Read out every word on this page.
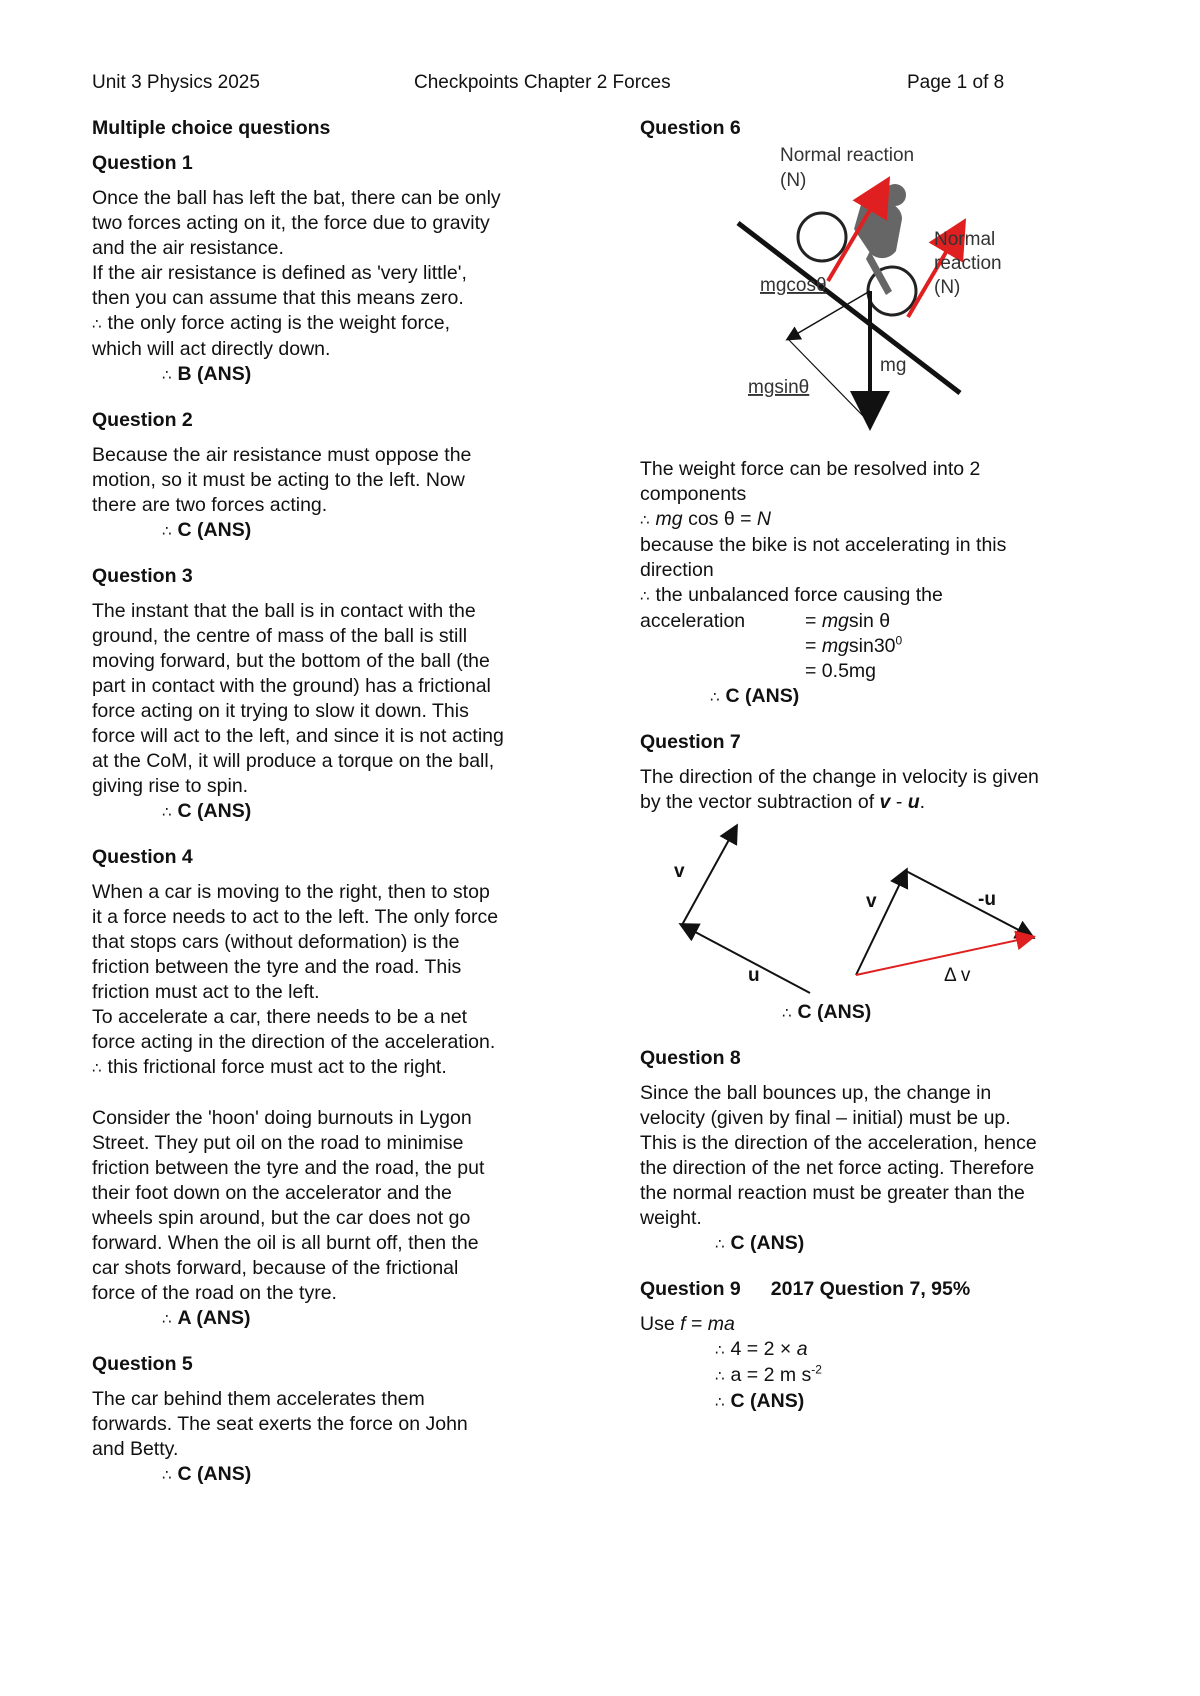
Unit 3 Physics 2025	Checkpoints Chapter 2 Forces	Page 1 of 8

Multiple choice questions

Question 1

Once the ball has left the bat, there can be only

two forces acting on it, the force due to gravity

and the air resistance.

If the air resistance is defined as 'very little',

then you can assume that this means zero.

∴ the only force acting is the weight force,

which will act directly down.

∴ B (ANS)

Question 2

Because the air resistance must oppose the

motion, so it must be acting to the left. Now

there are two forces acting.

∴ C (ANS)

Question 3

The instant that the ball is in contact with the

ground, the centre of mass of the ball is still

moving forward, but the bottom of the ball (the

part in contact with the ground) has a frictional

force acting on it trying to slow it down. This

force will act to the left, and since it is not acting

at the CoM, it will produce a torque on the ball,

giving rise to spin.

∴ C (ANS)

Question 4

When a car is moving to the right, then to stop

it a force needs to act to the left. The only force

that stops cars (without deformation) is the

friction between the tyre and the road. This

friction must act to the left.

To accelerate a car, there needs to be a net

force acting in the direction of the acceleration.

∴ this frictional force must act to the right.

Consider the 'hoon' doing burnouts in Lygon

Street. They put oil on the road to minimise

friction between the tyre and the road, the put

their foot down on the accelerator and the

wheels spin around, but the car does not go

forward. When the oil is all burnt off, then the

car shots forward, because of the frictional

force of the road on the tyre.

∴ A (ANS)

Question 5

The car behind them accelerates them

forwards. The seat exerts the force on John

and Betty.

∴ C (ANS)

Question 6

Normal reaction
(N)
Normal
reaction
(N)
mgcosθ
mg
mgsinθ

The weight force can be resolved into 2

components

∴ mg cos θ = N

because the bike is not accelerating in this

direction

∴ the unbalanced force causing the

acceleration	= mgsin θ
= $mgsin30^0$
= 0.5mg

∴ C (ANS)

Question 7

The direction of the change in velocity is given

by the vector subtraction of v - u.

v
u
v	-u
Δ v

∴ C (ANS)

Question 8

Since the ball bounces up, the change in

velocity (given by final – initial) must be up.

This is the direction of the acceleration, hence

the direction of the net force acting. Therefore

the normal reaction must be greater than the

weight.

∴ C (ANS)

Question 9 2017 Question 7, 95%

Use f = ma

∴ 4 = 2 × a

∴ a = 2 m $s^{-2}$

∴ C (ANS)
